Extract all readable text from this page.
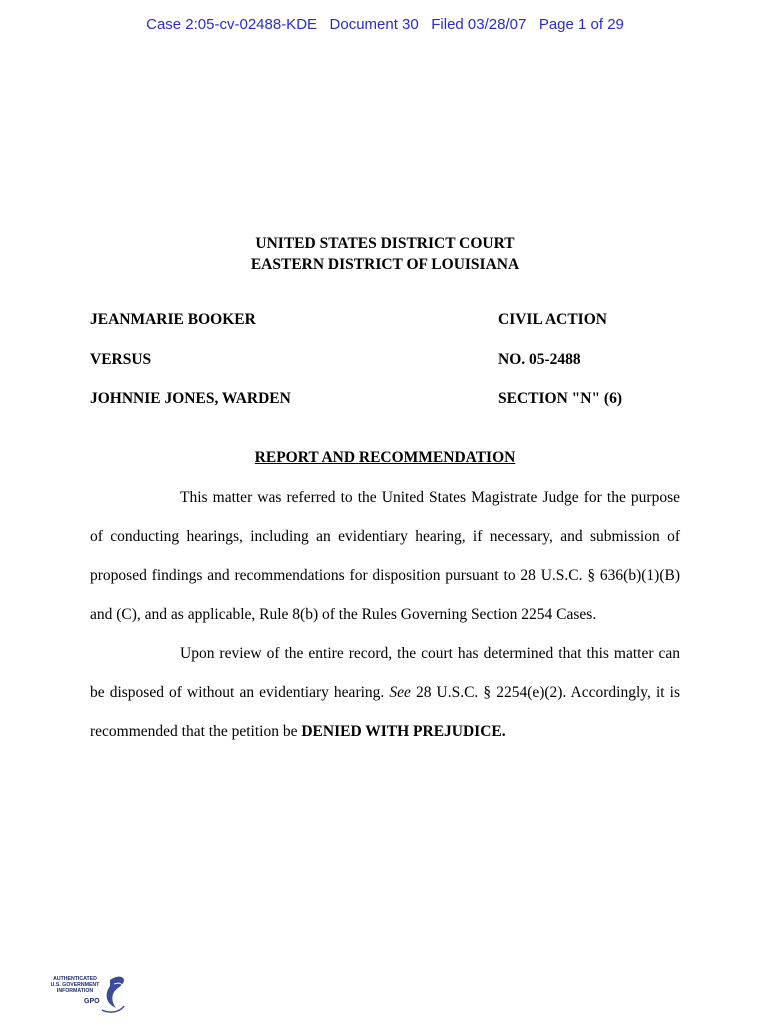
Case 2:05-cv-02488-KDE   Document 30   Filed 03/28/07   Page 1 of 29
UNITED STATES DISTRICT COURT
EASTERN DISTRICT OF LOUISIANA
JEANMARIE BOOKER	CIVIL ACTION
VERSUS	NO. 05-2488
JOHNNIE JONES, WARDEN	SECTION "N" (6)
REPORT AND RECOMMENDATION
This matter was referred to the United States Magistrate Judge for the purpose of conducting hearings, including an evidentiary hearing, if necessary, and submission of proposed findings and recommendations for disposition pursuant to 28 U.S.C. § 636(b)(1)(B) and (C), and as applicable, Rule 8(b) of the Rules Governing Section 2254 Cases.
Upon review of the entire record, the court has determined that this matter can be disposed of without an evidentiary hearing. See 28 U.S.C. § 2254(e)(2). Accordingly, it is recommended that the petition be DENIED WITH PREJUDICE.
AUTHENTICATED
U.S. GOVERNMENT
INFORMATION
GPO
